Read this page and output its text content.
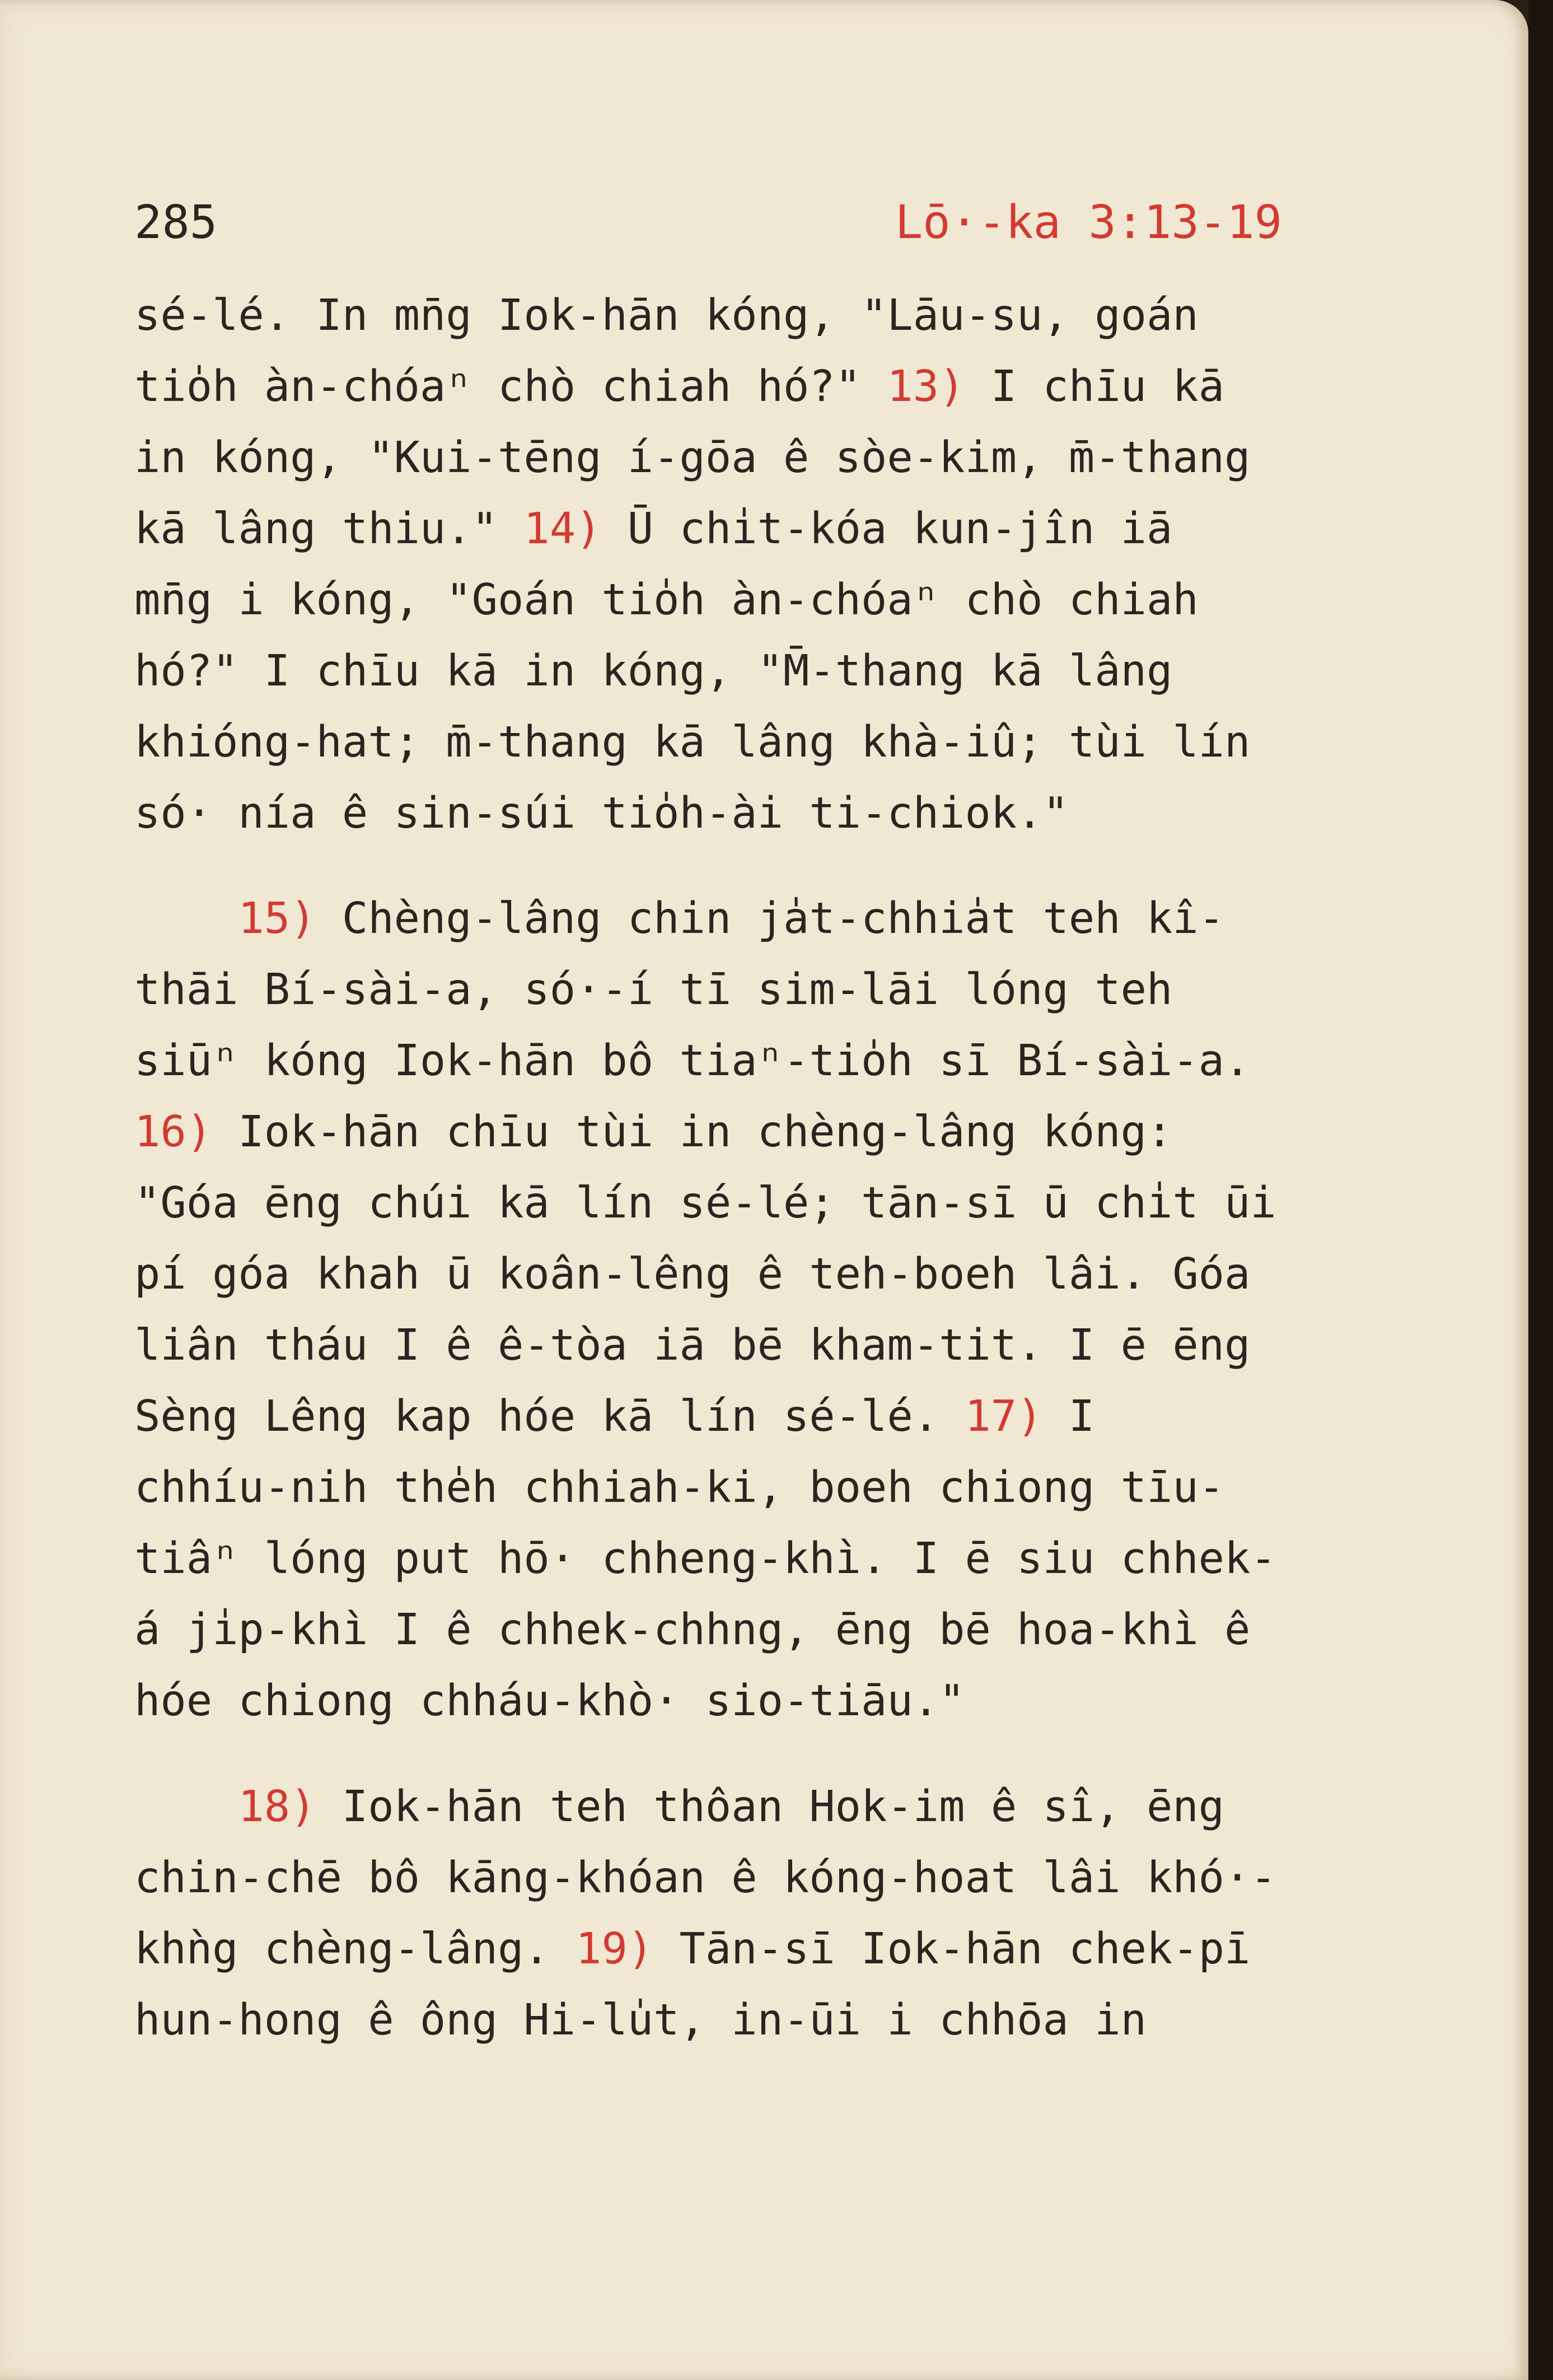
285	Lō·-ka 3:13-19
sé-lé. In mn̄g Iok-hān kóng, "Lāu-su, goán
tio̍h àn-chóaⁿ chò chiah hó?" 13) I chīu kā
in kóng, "Kui-tēng í-gōa ê sòe-kim, m̄-thang
kā lâng thiu." 14) Ū chi̍t-kóa kun-jîn iā
mn̄g i kóng, "Goán tio̍h àn-chóaⁿ chò chiah
hó?" I chīu kā in kóng, "M̄-thang kā lâng
khióng-hat; m̄-thang kā lâng khà-iû; tùi lín
só· nía ê sin-súi tio̍h-ài ti-chiok."
15) Chèng-lâng chin ja̍t-chhia̍t teh kî-
thāi Bí-sài-a, só·-í tī sim-lāi lóng teh
siūⁿ kóng Iok-hān bô tiaⁿ-tio̍h sī Bí-sài-a.
16) Iok-hān chīu tùi in chèng-lâng kóng:
"Góa ēng chúi kā lín sé-lé; tān-sī ū chi̍t ūi
pí góa khah ū koân-lêng ê teh-boeh lâi. Góa
liân tháu I ê ê-tòa iā bē kham-tit. I ē ēng
Sèng Lêng kap hóe kā lín sé-lé. 17) I
chhíu-nih the̍h chhiah-ki, boeh chiong tīu-
tiâⁿ lóng put hō· chheng-khì. I ē siu chhek-
á ji̍p-khì I ê chhek-chhng, ēng bē hoa-khì ê
hóe chiong chháu-khò· sio-tiāu."
18) Iok-hān teh thôan Hok-im ê sî, ēng
chin-chē bô kāng-khóan ê kóng-hoat lâi khó·-
khǹg chèng-lâng. 19) Tān-sī Iok-hān chek-pī
hun-hong ê ông Hi-lu̍t, in-ūi i chhōa in
